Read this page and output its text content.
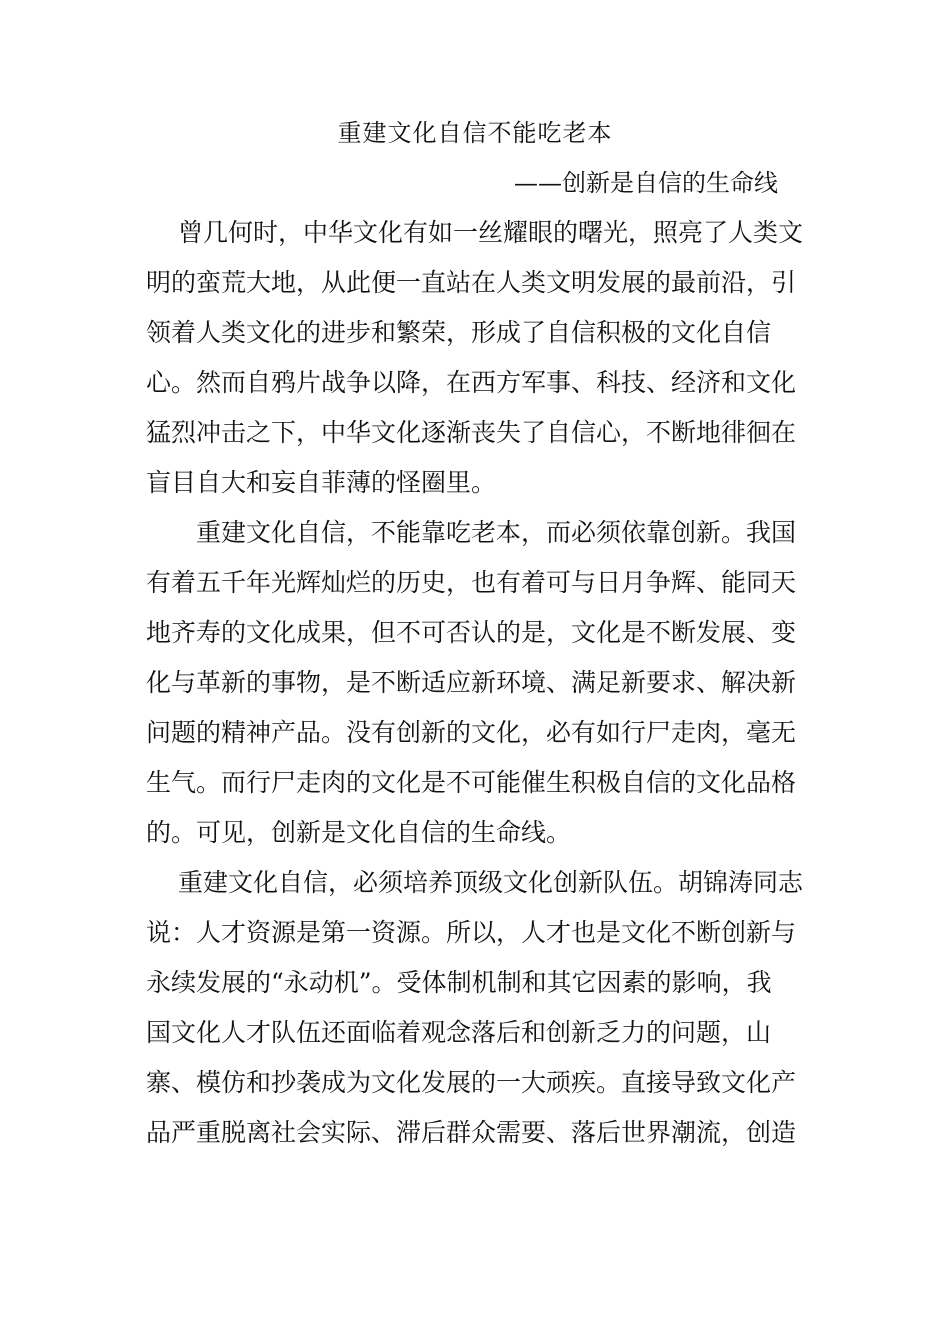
重建文化自信不能吃老本
——创新是自信的生命线
曾几何时，中华文化有如一丝耀眼的曙光，照亮了人类文
明的蛮荒大地，从此便一直站在人类文明发展的最前沿，引
领着人类文化的进步和繁荣，形成了自信积极的文化自信
心。然而自鸦片战争以降，在西方军事、科技、经济和文化
猛烈冲击之下，中华文化逐渐丧失了自信心，不断地徘徊在
盲目自大和妄自菲薄的怪圈里。
重建文化自信，不能靠吃老本，而必须依靠创新。我国
有着五千年光辉灿烂的历史，也有着可与日月争辉、能同天
地齐寿的文化成果，但不可否认的是，文化是不断发展、变
化与革新的事物，是不断适应新环境、满足新要求、解决新
问题的精神产品。没有创新的文化，必有如行尸走肉，毫无
生气。而行尸走肉的文化是不可能催生积极自信的文化品格
的。可见，创新是文化自信的生命线。
重建文化自信，必须培养顶级文化创新队伍。胡锦涛同志
说：人才资源是第一资源。所以，人才也是文化不断创新与
永续发展的“永动机”。受体制机制和其它因素的影响，我
国文化人才队伍还面临着观念落后和创新乏力的问题，山
寨、模仿和抄袭成为文化发展的一大顽疾。直接导致文化产
品严重脱离社会实际、滞后群众需要、落后世界潮流，创造
